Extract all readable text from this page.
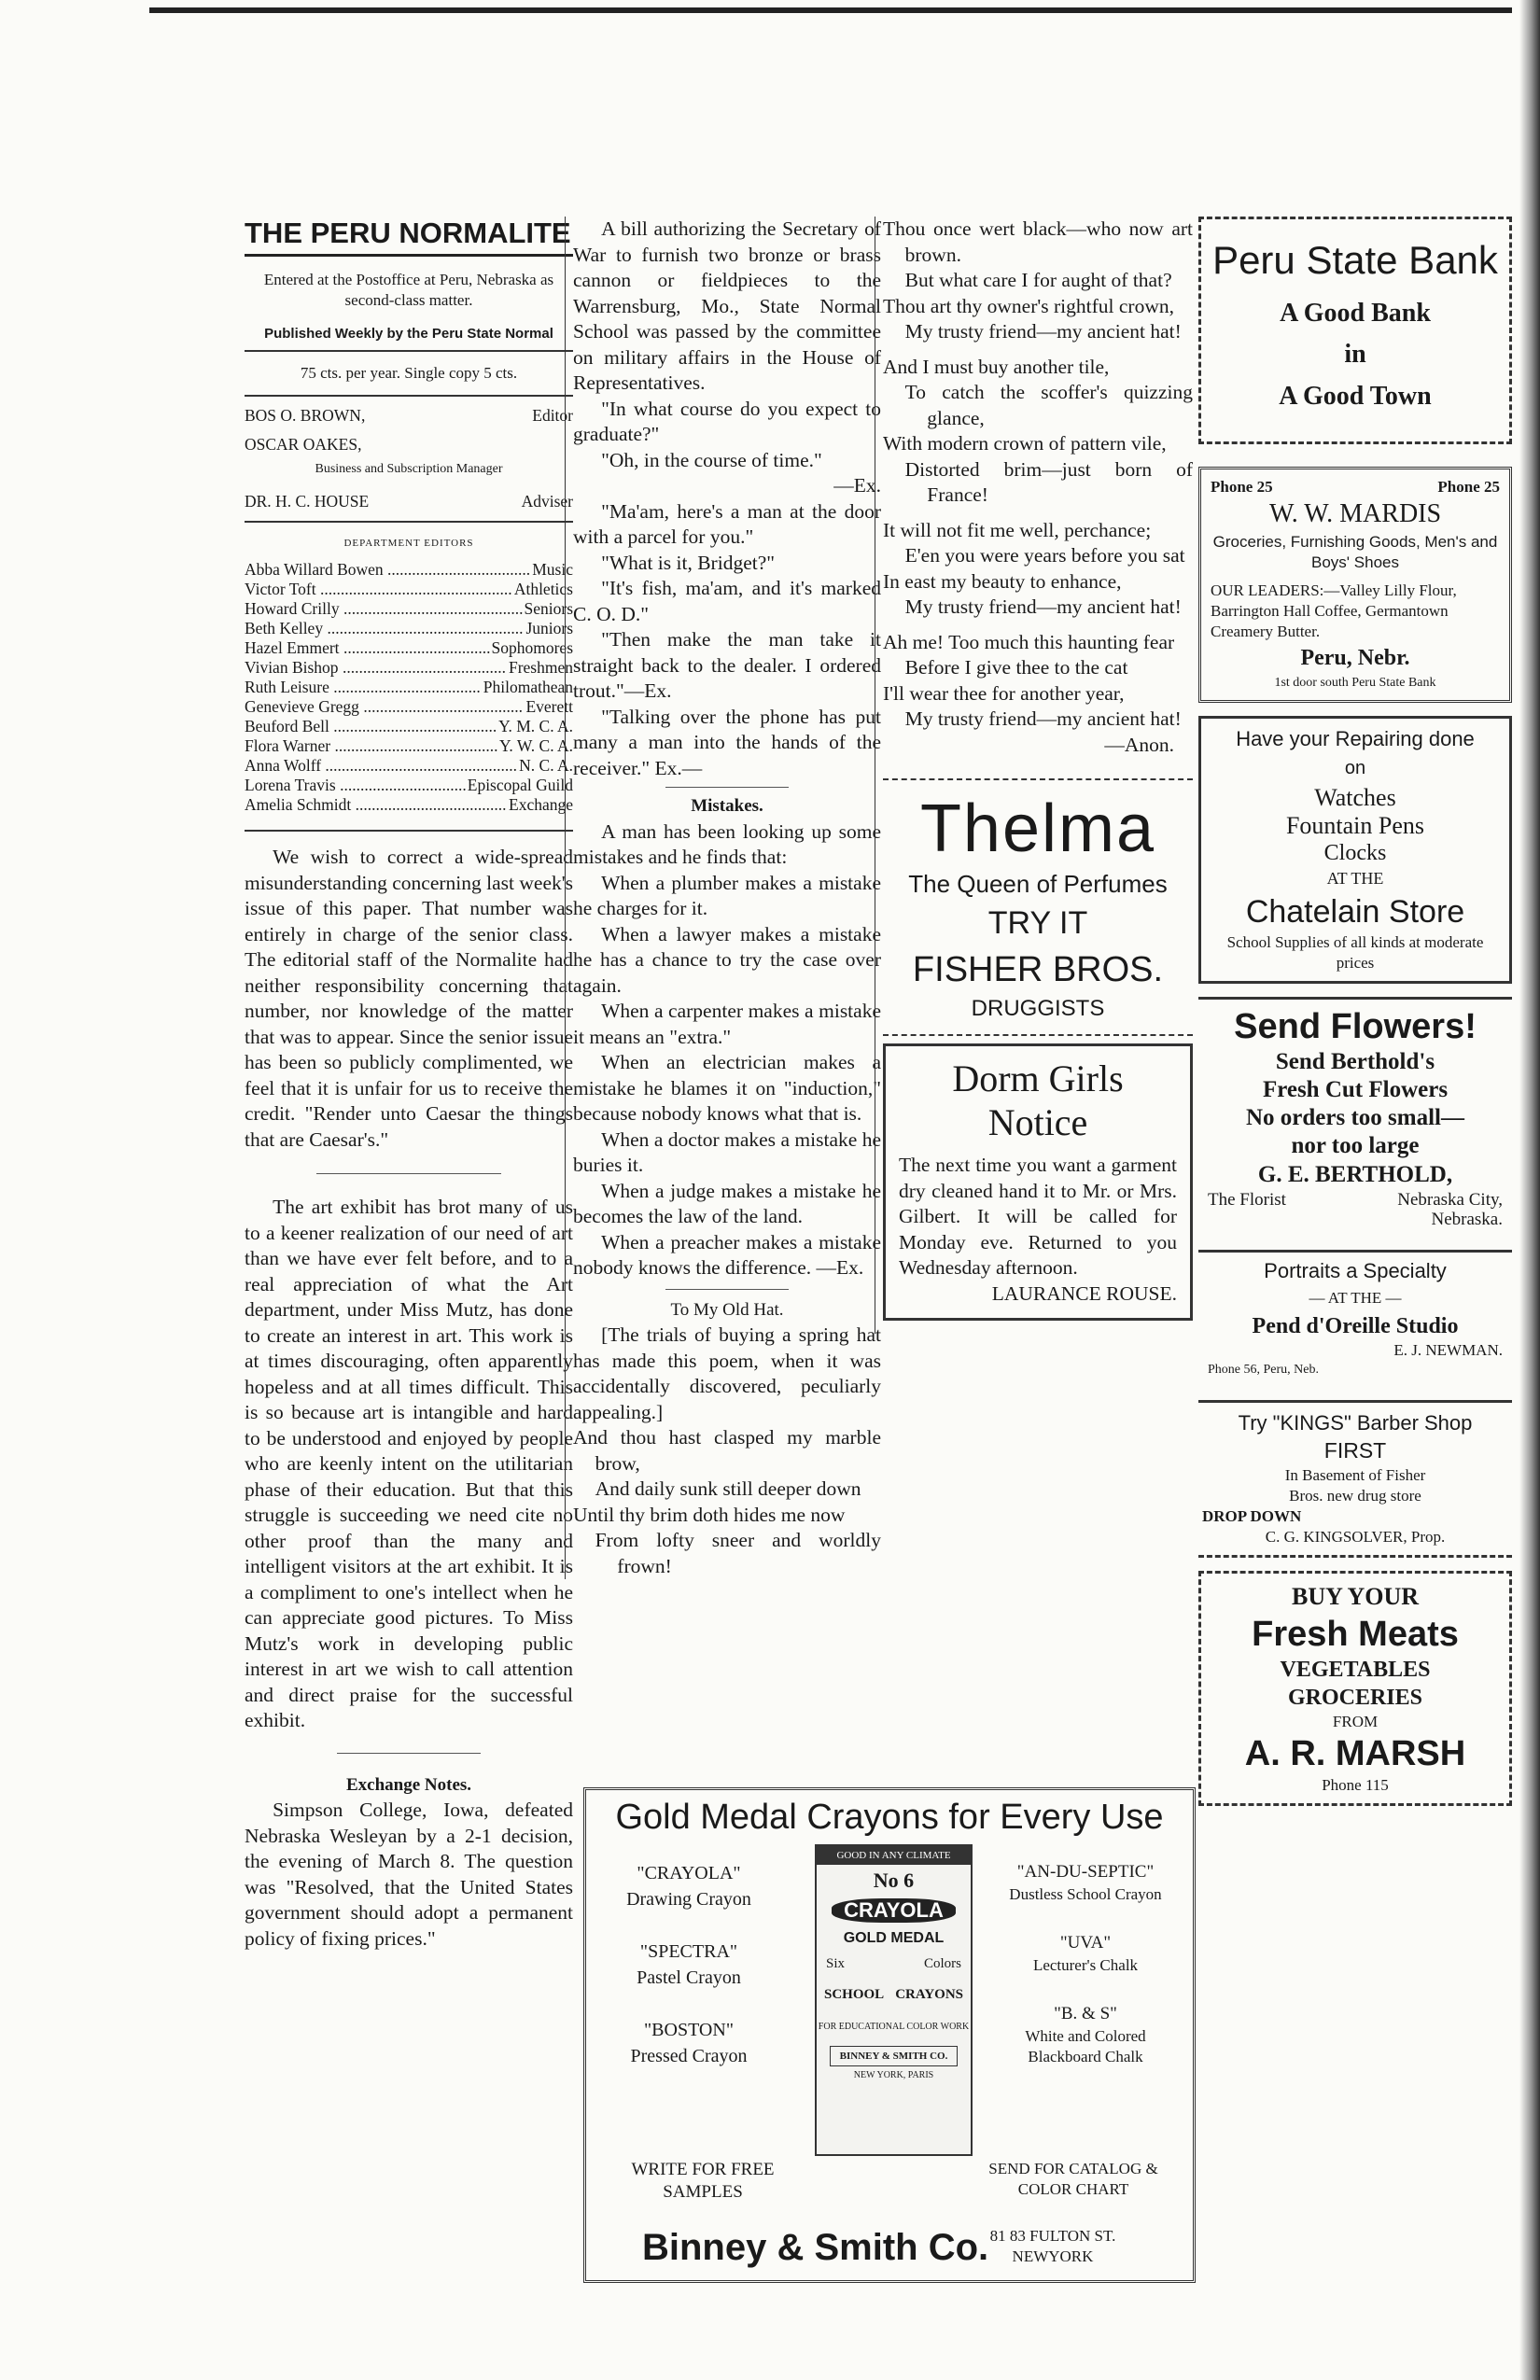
THE PERU NORMALITE

Entered at the Postoffice at Peru, Nebraska as second-class matter.

Published Weekly by the Peru State Normal

75 cts. per year. Single copy 5 cts.

BOS O. BROWN,	Editor
OSCAR OAKES,

Business and Subscription Manager

DR. H. C. HOUSE	Adviser

DEPARTMENT EDITORS

Abba Willard Bowen .....	Music
Victor Toft .....	Athletics
Howard Crilly .....	Seniors
Beth Kelley .....	Juniors
Hazel Emmert .....	Sophomores
Vivian Bishop .....	Freshmen
Ruth Leisure .....	Philomathean
Genevieve Gregg .....	Everett
Beuford Bell .....	Y. M. C. A.
Flora Warner .....	Y. W. C. A.
Anna Wolff .....	N. C. A.
Lorena Travis .....	Episcopal Guild
Amelia Schmidt .....	Exchange

We wish to correct a wide-spread misunderstanding concerning last week's issue of this paper. That number was entirely in charge of the senior class. The editorial staff of the Normalite had neither responsibility concerning that number, nor knowledge of the matter that was to appear. Since the senior issue has been so publicly complimented, we feel that it is unfair for us to receive the credit. "Render unto Caesar the things that are Caesar's."

The art exhibit has brot many of us to a keener realization of our need of art than we have ever felt before, and to a real appreciation of what the Art department, under Miss Mutz, has done to create an interest in art. This work is at times discouraging, often apparently hopeless and at all times difficult. This is so because art is intangible and hard to be understood and enjoyed by people who are keenly intent on the utilitarian phase of their education. But that this struggle is succeeding we need cite no other proof than the many and intelligent visitors at the art exhibit. It is a compliment to one's intellect when he can appreciate good pictures. To Miss Mutz's work in developing public interest in art we wish to call attention and direct praise for the successful exhibit.

Exchange Notes.

Simpson College, Iowa, defeated Nebraska Wesleyan by a 2-1 decision, the evening of March 8. The question was "Resolved, that the United States government should adopt a permanent policy of fixing prices."

A bill authorizing the Secretary of War to furnish two bronze or brass cannon or fieldpieces to the Warrensburg, Mo., State Normal School was passed by the committee on military affairs in the House of Representatives.

"In what course do you expect to graduate?"

"Oh, in the course of time."

—Ex.

"Ma'am, here's a man at the door with a parcel for you."

"What is it, Bridget?"

"It's fish, ma'am, and it's marked C. O. D."

"Then make the man take it straight back to the dealer. I ordered trout."—Ex.

"Talking over the phone has put many a man into the hands of the receiver." Ex.—

Mistakes.

A man has been looking up some mistakes and he finds that:

When a plumber makes a mistake he charges for it.

When a lawyer makes a mistake he has a chance to try the case over again.

When a carpenter makes a mistake it means an "extra."

When an electrician makes a mistake he blames it on "induction," because nobody knows what that is.

When a doctor makes a mistake he buries it.

When a judge makes a mistake he becomes the law of the land.

When a preacher makes a mistake nobody knows the difference. —Ex.

To My Old Hat.

[The trials of buying a spring hat has made this poem, when it was accidentally discovered, peculiarly appealing.]

And thou hast clasped my marble brow,

And daily sunk still deeper down

Until thy brim doth hides me now

From lofty sneer and worldly frown!

Thou once wert black—who now art brown.

But what care I for aught of that?

Thou art thy owner's rightful crown,

My trusty friend—my ancient hat!

And I must buy another tile,

To catch the scoffer's quizzing glance,

With modern crown of pattern vile,

Distorted brim—just born of France!

It will not fit me well, perchance;

E'en you were years before you sat

In east my beauty to enhance,

My trusty friend—my ancient hat!

Ah me! Too much this haunting fear

Before I give thee to the cat

I'll wear thee for another year,

My trusty friend—my ancient hat!

—Anon.

Thelma
The Queen of Perfumes
TRY IT
FISHER BROS.
DRUGGISTS
Dorm Girls
Notice

The next time you want a garment dry cleaned hand it to Mr. or Mrs. Gilbert. It will be called for Monday eve. Returned to you Wednesday afternoon.

LAURANCE ROUSE.

Peru State Bank
A Good Bank
in
A Good Town
Phone 25	Phone 25
W. W. MARDIS
Groceries, Furnishing Goods, Men's and Boys' Shoes
OUR LEADERS:—Valley Lilly Flour, Barrington Hall Coffee, Germantown Creamery Butter.
Peru, Nebr.
1st door south Peru State Bank
Have your Repairing done
on
Watches
Fountain Pens
Clocks
AT THE
Chatelain Store
School Supplies of all kinds at moderate prices
Send Flowers!
Send Berthold's
Fresh Cut Flowers
No orders too small—
nor too large
G. E. BERTHOLD,
The Florist	Nebraska City, Nebraska.
Portraits a Specialty
— AT THE —
Pend d'Oreille Studio
E. J. NEWMAN.
Phone 56, Peru, Neb.
Try "KINGS" Barber Shop
FIRST
In Basement of Fisher
Bros. new drug store
DROP DOWN
C. G. KINGSOLVER, Prop.
BUY YOUR
Fresh Meats
VEGETABLES
GROCERIES
FROM
A. R. MARSH
Phone 115
Gold Medal Crayons for Every Use
"CRAYOLA"
Drawing Crayon
"SPECTRA"
Pastel Crayon
"BOSTON"
Pressed Crayon
GOOD IN ANY CLIMATE
No 6
CRAYOLA
GOLD MEDAL
Six	Colors
SCHOOL CRAYONS
FOR EDUCATIONAL COLOR WORK
BINNEY & SMITH CO.
NEW YORK, PARIS
"AN-DU-SEPTIC"
Dustless School Crayon
"UVA"
Lecturer's Chalk
"B. & S"
White and Colored Blackboard Chalk
WRITE FOR FREE SAMPLES
SEND FOR CATALOG & COLOR CHART
Binney & Smith Co. 81 83 FULTON ST. NEWYORK
